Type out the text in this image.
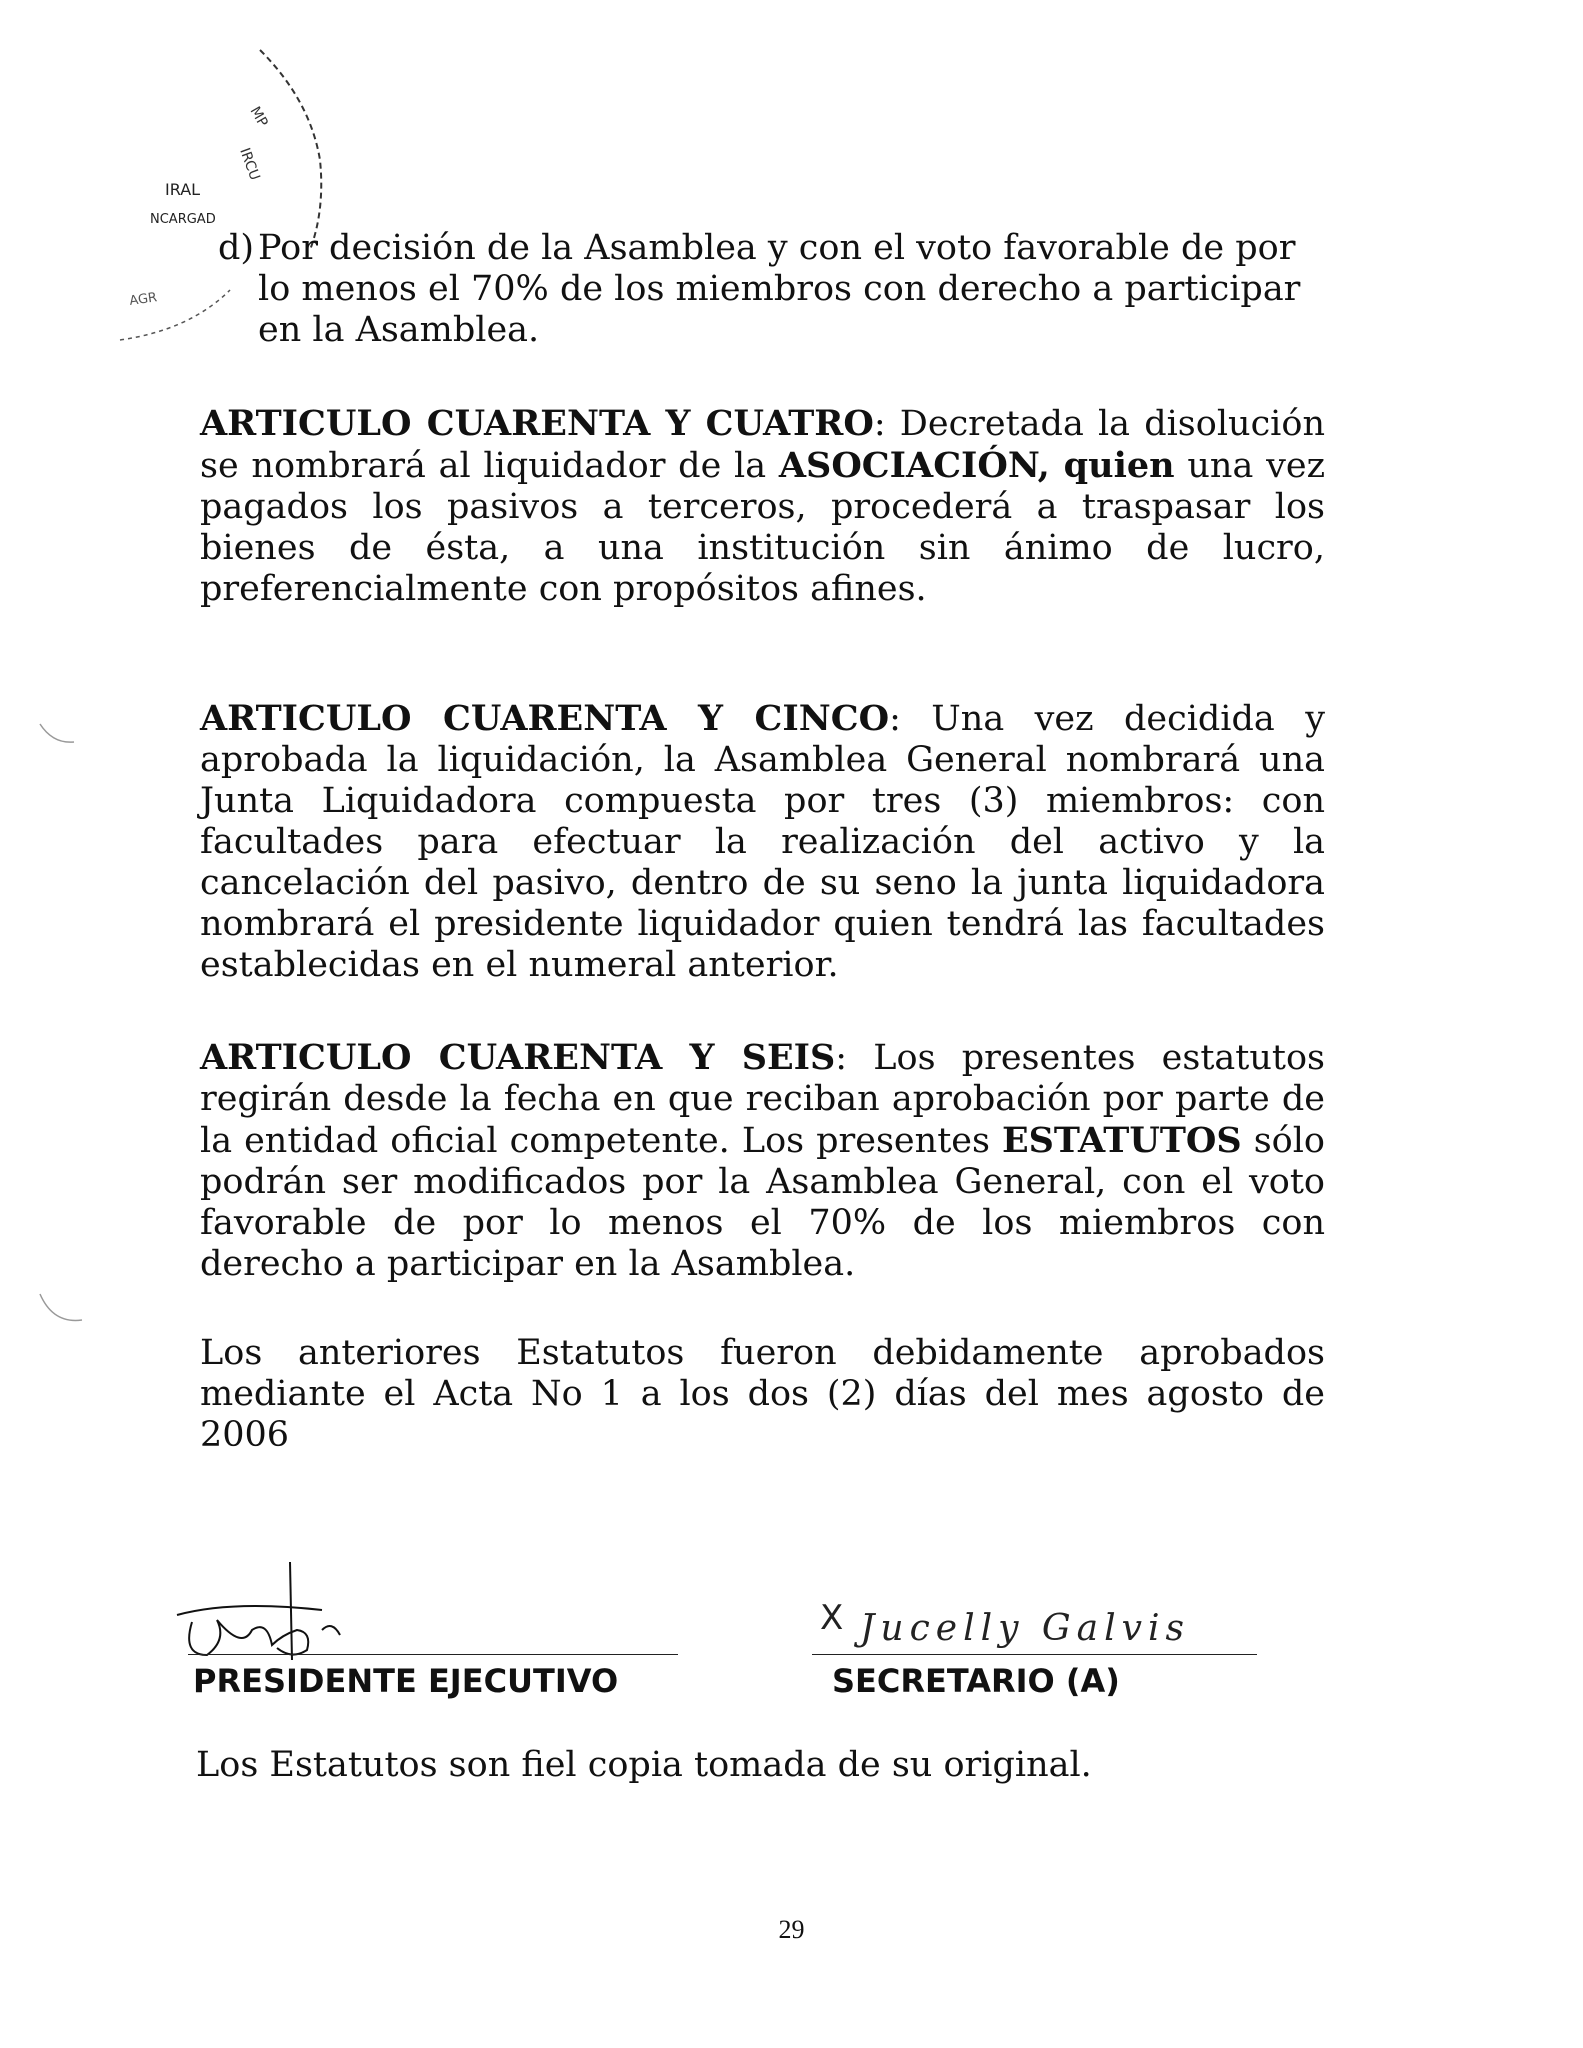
IRAL
NCARGAD
AGR
IRCU
MP

d) Por decisión de la Asamblea y con el voto favorable de por lo menos el 70% de los miembros con derecho a participar en la Asamblea.

ARTICULO CUARENTA Y CUATRO: Decretada la disolución se nombrará al liquidador de la ASOCIACIÓN, quien una vez pagados los pasivos a terceros, procederá a traspasar los bienes de ésta, a una institución sin ánimo de lucro, preferencialmente con propósitos afines.

ARTICULO CUARENTA Y CINCO: Una vez decidida y aprobada la liquidación, la Asamblea General nombrará una Junta Liquidadora compuesta por tres (3) miembros: con facultades para efectuar la realización del activo y la cancelación del pasivo, dentro de su seno la junta liquidadora nombrará el presidente liquidador quien tendrá las facultades establecidas en el numeral anterior.

ARTICULO CUARENTA Y SEIS: Los presentes estatutos regirán desde la fecha en que reciban aprobación por parte de la entidad oficial competente. Los presentes ESTATUTOS sólo podrán ser modificados por la Asamblea General, con el voto favorable de por lo menos el 70% de los miembros con derecho a participar en la Asamblea.

Los anteriores Estatutos fueron debidamente aprobados mediante el Acta No 1 a los dos (2) días del mes agosto de 2006

PRESIDENTE EJECUTIVO
X Jucelly Galvis
SECRETARIO (A)

Los Estatutos son fiel copia tomada de su original.

29
